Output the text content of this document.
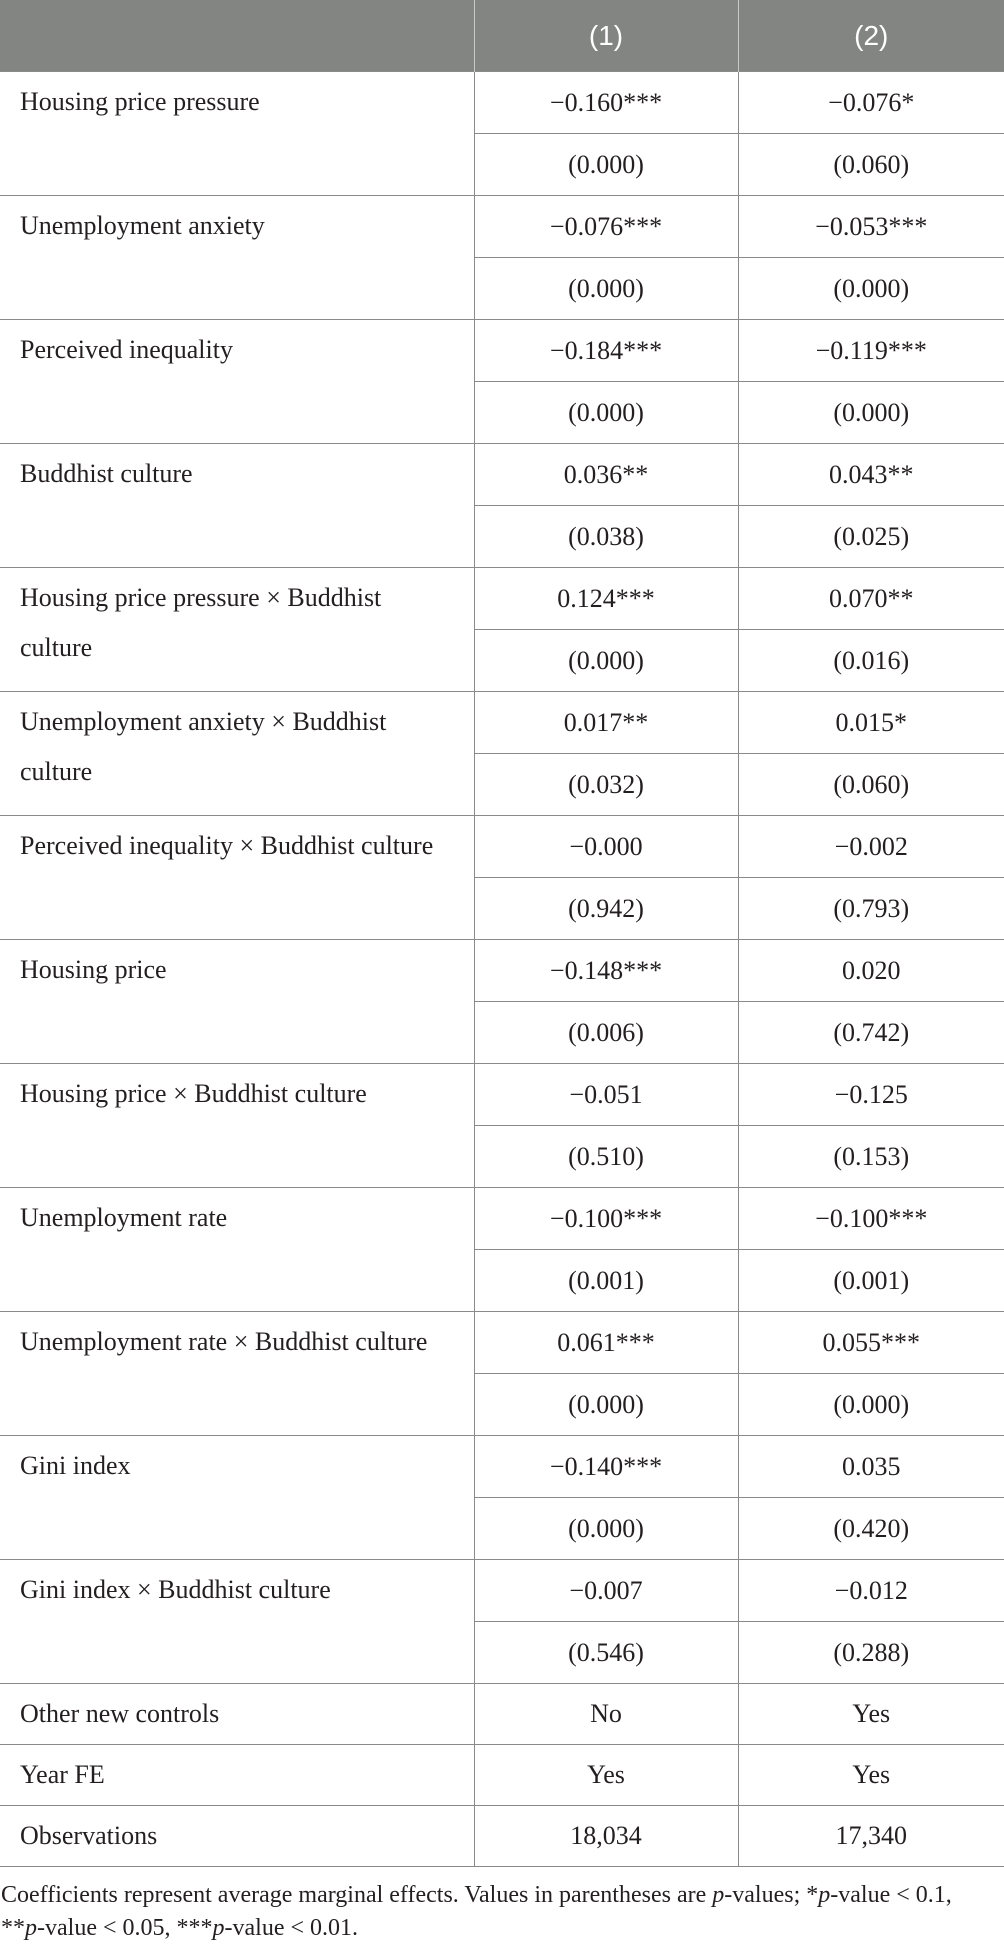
	(1)	(2)
Housing price pressure	−0.160***	−0.076*
	(0.000)	(0.060)
Unemployment anxiety	−0.076***	−0.053***
	(0.000)	(0.000)
Perceived inequality	−0.184***	−0.119***
	(0.000)	(0.000)
Buddhist culture	0.036**	0.043**
	(0.038)	(0.025)
Housing price pressure × Buddhist culture	0.124***	0.070**
	(0.000)	(0.016)
Unemployment anxiety × Buddhist culture	0.017**	0.015*
	(0.032)	(0.060)
Perceived inequality × Buddhist culture	−0.000	−0.002
	(0.942)	(0.793)
Housing price	−0.148***	0.020
	(0.006)	(0.742)
Housing price × Buddhist culture	−0.051	−0.125
	(0.510)	(0.153)
Unemployment rate	−0.100***	−0.100***
	(0.001)	(0.001)
Unemployment rate × Buddhist culture	0.061***	0.055***
	(0.000)	(0.000)
Gini index	−0.140***	0.035
	(0.000)	(0.420)
Gini index × Buddhist culture	−0.007	−0.012
	(0.546)	(0.288)
Other new controls	No	Yes
Year FE	Yes	Yes
Observations	18,034	17,340
Coefficients represent average marginal effects. Values in parentheses are p-values; *p-value < 0.1, **p-value < 0.05, ***p-value < 0.01.
